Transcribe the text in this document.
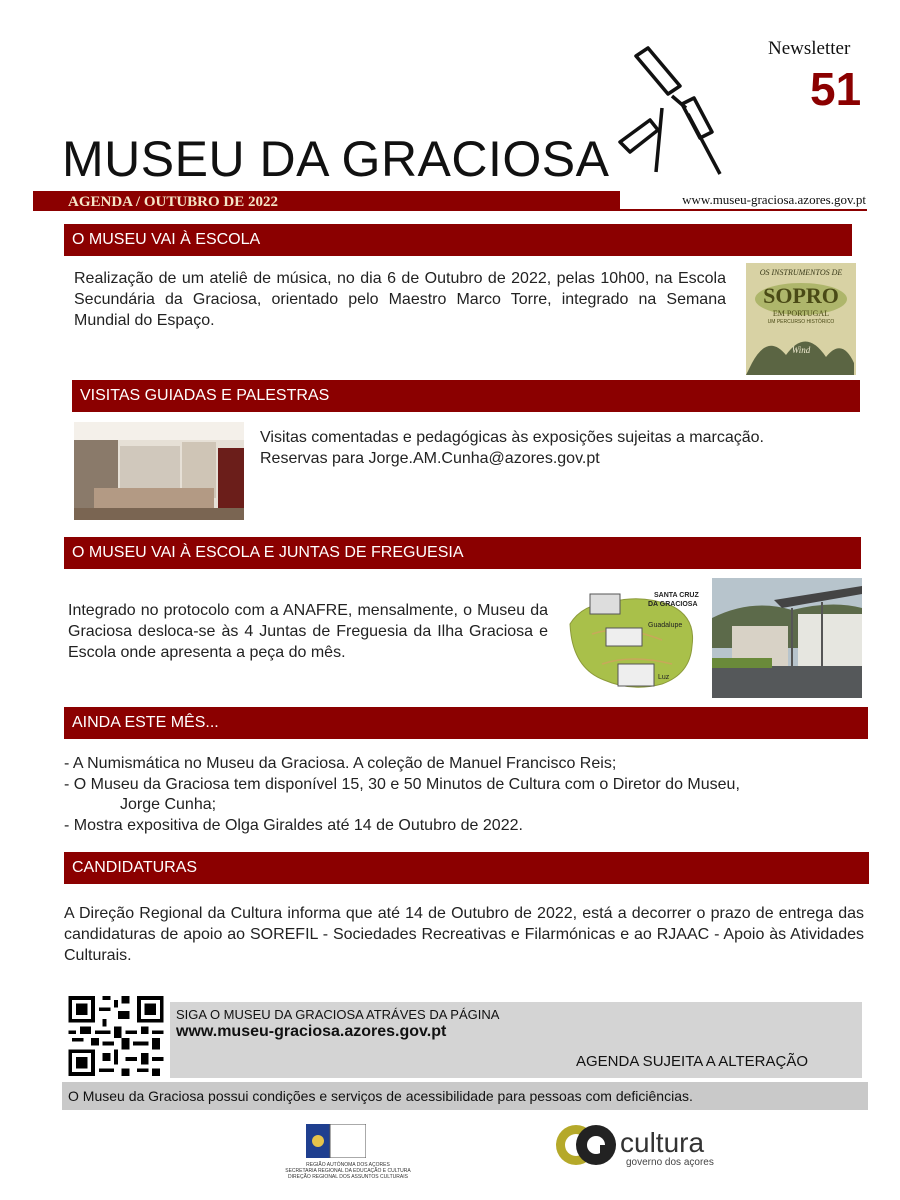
Newsletter
51
MUSEU DA GRACIOSA
AGENDA / OUTUBRO DE 2022	www.museu-graciosa.azores.gov.pt
O MUSEU VAI À ESCOLA
Realização de um ateliê de música, no dia 6 de Outubro de 2022, pelas 10h00, na Escola Secundária da Graciosa, orientado pelo Maestro Marco Torre, integrado na Semana Mundial do Espaço.
OS INSTRUMENTOS DE
SOPRO
EM PORTUGAL
UM PERCURSO HISTÓRICO
Wind
VISITAS GUIADAS E PALESTRAS
Visitas comentadas e pedagógicas às exposições sujeitas a marcação.
Reservas para Jorge.AM.Cunha@azores.gov.pt
O MUSEU VAI À ESCOLA E JUNTAS DE FREGUESIA
Integrado no protocolo com a ANAFRE, mensalmente, o Museu da Graciosa desloca-se às 4 Juntas de Freguesia da Ilha Graciosa e Escola onde apresenta a peça do mês.
SANTA CRUZ
DA GRACIOSA
Guadalupe
Luz
AINDA ESTE MÊS...
- A Numismática no Museu da Graciosa. A coleção de Manuel Francisco Reis;
- O Museu da Graciosa tem disponível 15, 30 e 50 Minutos de Cultura com o Diretor do Museu,
Jorge Cunha;
- Mostra expositiva de Olga Giraldes até 14 de Outubro de 2022.
CANDIDATURAS
A Direção Regional da Cultura informa que até 14 de Outubro de 2022, está a decorrer o prazo de entrega das candidaturas de apoio ao SOREFIL - Sociedades Recreativas e Filarmónicas e ao RJAAC - Apoio às Atividades Culturais.
SIGA O MUSEU DA GRACIOSA ATRÁVES DA PÁGINA
www.museu-graciosa.azores.gov.pt
AGENDA SUJEITA A ALTERAÇÃO
O Museu da Graciosa possui condições e serviços de acessibilidade para pessoas com deficiências.
REGIÃO AUTÓNOMA DOS AÇORES
SECRETARIA REGIONAL DA EDUCAÇÃO E CULTURA
DIREÇÃO REGIONAL DOS ASSUNTOS CULTURAIS
cultura
governo dos açores
